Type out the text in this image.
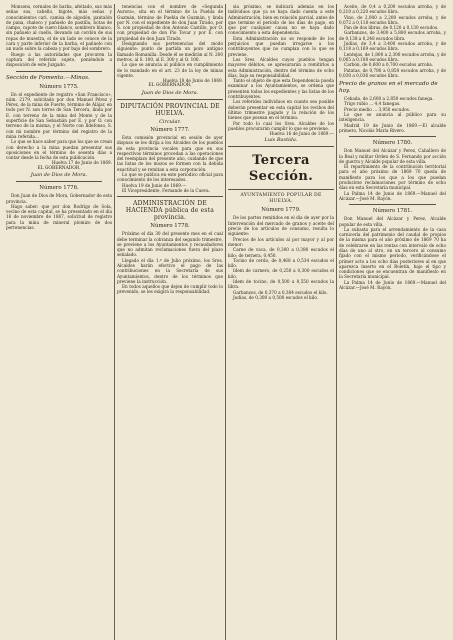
Monsons, cernales de barba, afeitado, sus más señas sus, cabello, bigote, más señas y conocimientos cari, camisa de algodón, pantalón de pana, chaleco y pañuelo de pastilla, botas de campo, capote de cuero blanco, sombrero blanco, sin pañuelo al cuello, llevando un cordón de sus ropas de muestra, el de un lado se conoce de la cara y parte inferior de la barba, el pañuelo con un nudo sobre la cabeza y por bajo del sombrero.

Ruego a las autoridades que procuren la captura del referido sujeto, poniéndolo a disposición de este Juzgado.

Sección de Fomento.—Minas.
Número 1775.

En el expediente de registro «San Francisco», núm. 2179, solicitado por don Manuel Pérez y Pérez, de la mina de Fuerte, término de Alájar, en todo por N. son torres de San Tercera, linda por E. con terreno de la mina del Monte y de la superficie de San Sebastián por E. y por O. con terreno de la misma; y el Norte con Ildefonso, S. con mi nombre por término del registro de la mina referida...

Lo que se hace saber para que los que se crean con derecho a la mina puedan presentar sus oposiciones en el término de sesenta días a contar desde la fecha de esta publicación.

Huelva 17 de Junio de 1869.
EL GOBERNADOR,
Juan de Dios de Mora.
Número 1776.

Don Juan de Dios de Mora, Gobernador de esta provincia.

Hago saber: que por don Rodrigo de Sola, vecino de esta capital, se ha presentado en el día 16 de noviembre de 1867, solicitud de registro para la mina de mineral plomizo de dos pertenencias.

tenencias con el nombre de «Segunda Aurora», sita en el término de la Puebla de Guzmán, término de Puebla de Guzmán, y linda por N. con el expediente de don Juan Tirado, por S. con propiedad de don Antonio Castillo, por O. con propiedad de don Pío Tovar y por E. con propiedad de don Juan Tirado.

Designando sus pertenencias del modo siguiente: punto de partida un pozo antiguo llamado Romanilla. Desde él se medirán al N. 200 metros, al S. 100, al E. 300 y al O. 100.

Lo que se anuncia al público en cumplimiento de lo mandado en el art. 23 de la ley de minas vigente.

Huelva 18 de Junio de 1869.
EL GOBERNADOR,
Juan de Dios de Mora.
DIPUTACIÓN PROVINCIAL DE HUELVA.
Circular.
Número 1777.

Esta comisión provincial en sesión de ayer dispuso se les dirija a los Alcaldes de los pueblos de esta provincia vocales para que en sus respectivos términos procedan a las operaciones del reemplazo del presente año, cuidando de que las listas de los mozos se formen con la debida exactitud y se remitan a esta corporación.

Lo que se publica en este periódico oficial para conocimiento de los interesados.

Huelva 19 de Junio de 1869.—

El Vicepresidente, Fernando de la Cueva.

ADMINISTRACIÓN DE HACIENDA pública de esta provincia.
Número 1778.

Próximo el día 30 del presente mes en el cual debe terminar la cobranza del segundo trimestre, se previene a los Ayuntamientos y recaudadores que no admitan reclamaciones fuera del plazo señalado.

Llegado el día 1.º de Julio próximo, los Sres. Alcaldes harán efectivo el pago de las contribuciones en la Secretaría de sus Ayuntamientos, dentro de los términos que previene la instrucción.

En todos aquellos que dejen de cumplir todo lo prevenido, se les exigirá la responsabilidad.

sia próximo, se indicará además en los individuos que ya se haya dado cuenta a este Administración, bien en relación parcial, antes de que termine el período de los días de pago, en que por cualquier causa no se haya dado conocimiento a esta dependencia.

Esta Administración no se responde de los perjuicios que puedan irrogarse a los contribuyentes que no cumplan con lo que se previene.

Los Sres. Alcaldes cuyos pueblos tengan mayores débitos, se apresurarán a remitirlos a esta Administración, dentro del término de ocho días, bajo su responsabilidad.

Tanto el objeto de que esta Dependencia pueda examinar a los Ayuntamientos, se ordena que presenten todos los expedientes y las listas de los contribuyentes.

Los referidos individuos en cuanto sea posible deberán presentar en esta capital los recibos del último trimestre pagado y la relación de los bienes que posean en el término.

Por todo lo cual los Sres. Alcaldes de los pueblos procurarán cumplir lo que se previene.

Huelva 16 de Junio de 1869.—
Luis Bastida.
Tercera Sección.
AYUNTAMIENTO POPULAR DE HUELVA.
Número 1779.

De los partes remitidos en el día de ayer por la Intervención del mercado de granos y aceite del precio de los artículos de consumo, resulta lo siguiente:

Precios de los artículos al por mayor y al por menor:

Carne de vaca, de 0,300 a 0,380 escudos el kilo; de ternera, 0,450.

Tocino de cerdo, de 0,468 a 0,534 escudos el kilo.

Idem de carnero, de 0,250 a 0,300 escudos el kilo.

Idem de tocino, de 0,500 a 0,550 escudos la libra.

Garbanzos, de 0,370 a 0,384 escudos el kilo.

Judías, de 0,300 a 0,500 escudos el kilo.

Aceite, de 0,4 a 0,200 escudos arroba, y de 0,210 a 0,220 escudos libra.

Vino, de 2,000 a 2,200 escudos arroba, y de 0,072 a 0,118 escudos libra.

Pan de dos libras, de 0,120 a 0,130 escudos.

Garbanzos, de 3,400 a 5,800 escudos arroba, y de 0,138 a 0,248 escudos libra.

Judías, de 3,4 a 3,400 escudos arroba, y de 0,118 a 0,169 escudos libra.

Lentejas, de 1,800 a 2,300 escudos arroba, y de 0,065 a 0,108 escudos libra.

Carbón, de 0,600 a 0,700 escudos arroba.

Patatas, de 0,780 a 0,850 escudos arroba, y de 0,030 a 0,036 escudos libra.

Precio de granos en el mercado de hoy.

Cebada, de 2,600 a 2,850 escudos fanega.

Trigo rubio ... 4,4 fanegas.

Precio medio ... 3,950 escudos.

Lo que se anuncia al público para su inteligencia.

Madrid 19 de Junio de 1869.—El alcalde primero, Nicolás María Rivero.

Número 1780.

Don Manuel del Alcázar y Perez, Caballero de la Real y militar Orden de S. Fernando por acción de guerra y Alcalde popular de esta villa.

El repartimiento de la contribución territorial para el año próximo de 1869 70 queda de manifiesto para los que a los que puedan producirse reclamaciones por término de ocho días en esta Secretaría municipal.

La Palma 14 de Junio de 1869.—Manuel del Alcázar.—José M. Rayón.

Número 1781.

Don Manuel del Alcázar y Perez, Alcalde popular de esta villa.

La subasta para el arrendamiento de la casa carnicería del patrimonio del caudal de propios de la misma para el año próximo de 1869 70 ha de celebrarse en las rentas con intervalo de ocho días de uno al otro, en un tercero al consumo fijado con el mismo periodo, verificándose el primer acto a los ocho días posteriores al en que aparezca inserto en el Boletín, bajo el tipo y condiciones que se encuentran de manifiesto en la Secretaría municipal.

La Palma 14 de Junio de 1869.—Manuel del Alcázar.—José M. Rayón.
